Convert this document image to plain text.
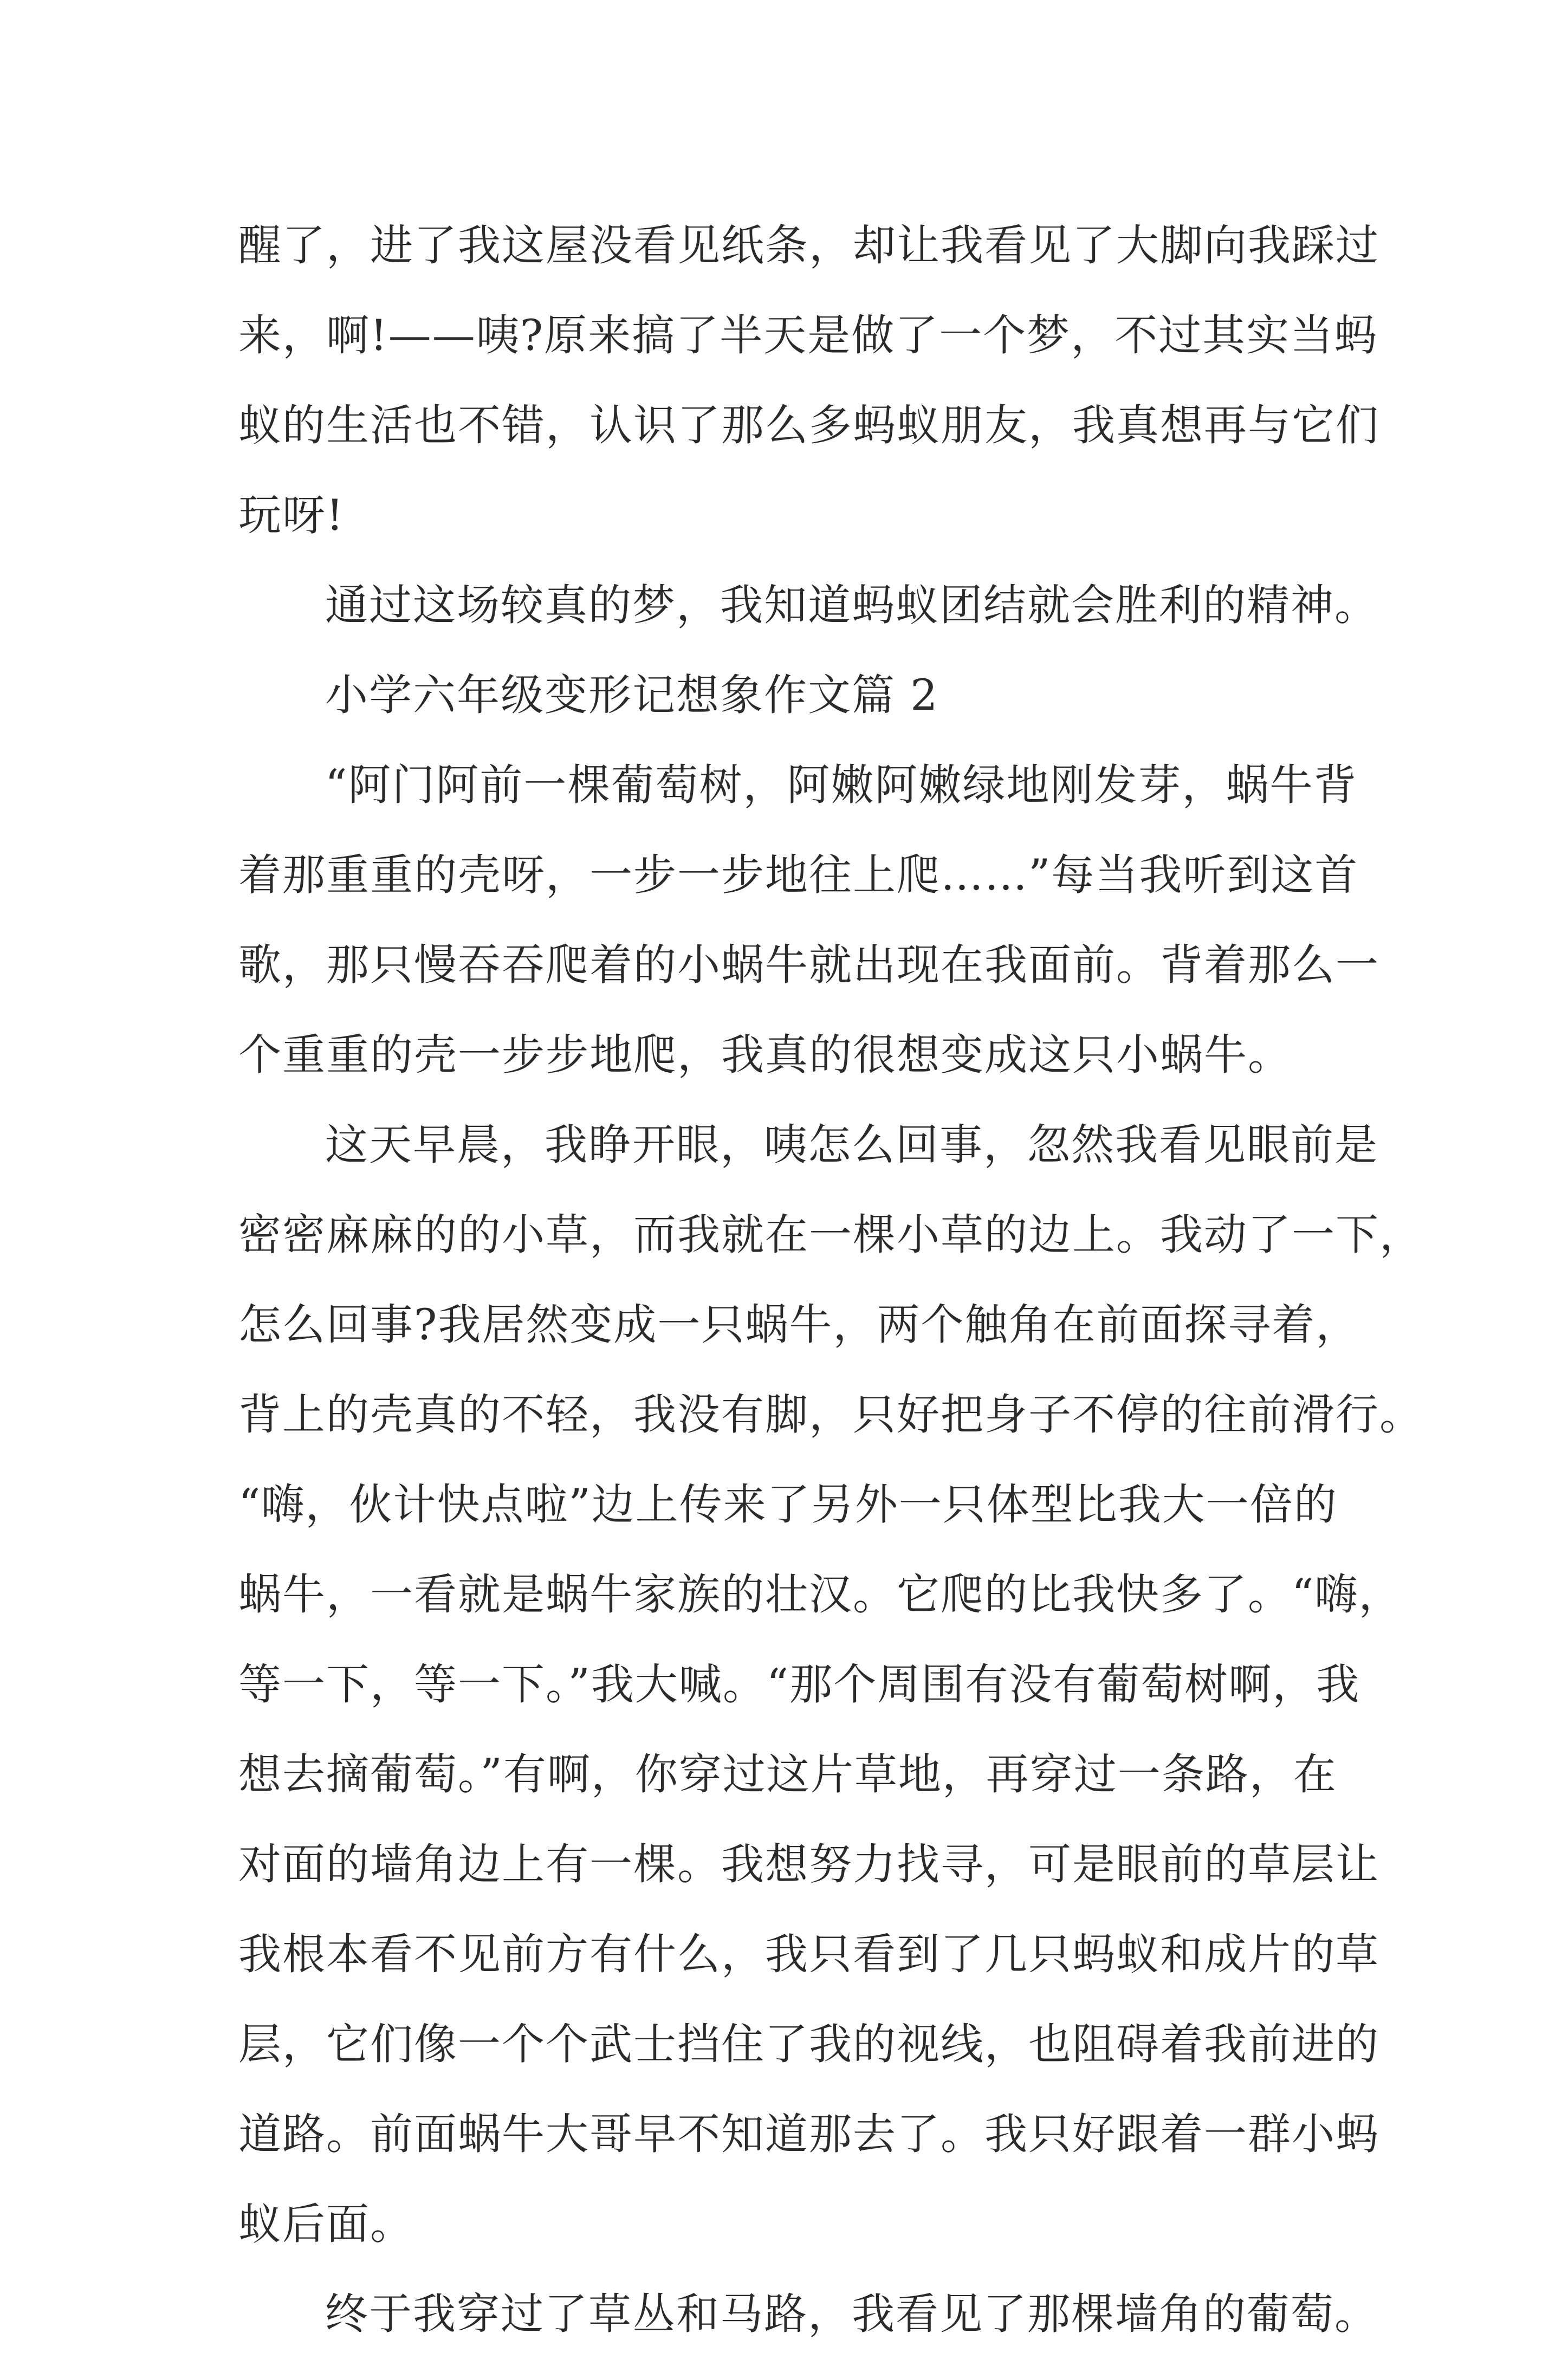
醒了，进了我这屋没看见纸条，却让我看见了大脚向我踩过
来，啊!——咦?原来搞了半天是做了一个梦，不过其实当蚂
蚁的生活也不错，认识了那么多蚂蚁朋友，我真想再与它们
玩呀!
通过这场较真的梦，我知道蚂蚁团结就会胜利的精神。
小学六年级变形记想象作文篇 2
“阿门阿前一棵葡萄树，阿嫩阿嫩绿地刚发芽，蜗牛背
着那重重的壳呀，一步一步地往上爬……”每当我听到这首
歌，那只慢吞吞爬着的小蜗牛就出现在我面前。背着那么一
个重重的壳一步步地爬，我真的很想变成这只小蜗牛。
这天早晨，我睁开眼，咦怎么回事，忽然我看见眼前是
密密麻麻的的小草，而我就在一棵小草的边上。我动了一下，
怎么回事?我居然变成一只蜗牛，两个触角在前面探寻着，
背上的壳真的不轻，我没有脚，只好把身子不停的往前滑行。
“嗨，伙计快点啦”边上传来了另外一只体型比我大一倍的
蜗牛，一看就是蜗牛家族的壮汉。它爬的比我快多了。“嗨，
等一下，等一下。”我大喊。“那个周围有没有葡萄树啊，我
想去摘葡萄。”有啊，你穿过这片草地，再穿过一条路，在
对面的墙角边上有一棵。我想努力找寻，可是眼前的草层让
我根本看不见前方有什么，我只看到了几只蚂蚁和成片的草
层，它们像一个个武士挡住了我的视线，也阻碍着我前进的
道路。前面蜗牛大哥早不知道那去了。我只好跟着一群小蚂
蚁后面。
终于我穿过了草丛和马路，我看见了那棵墙角的葡萄。
